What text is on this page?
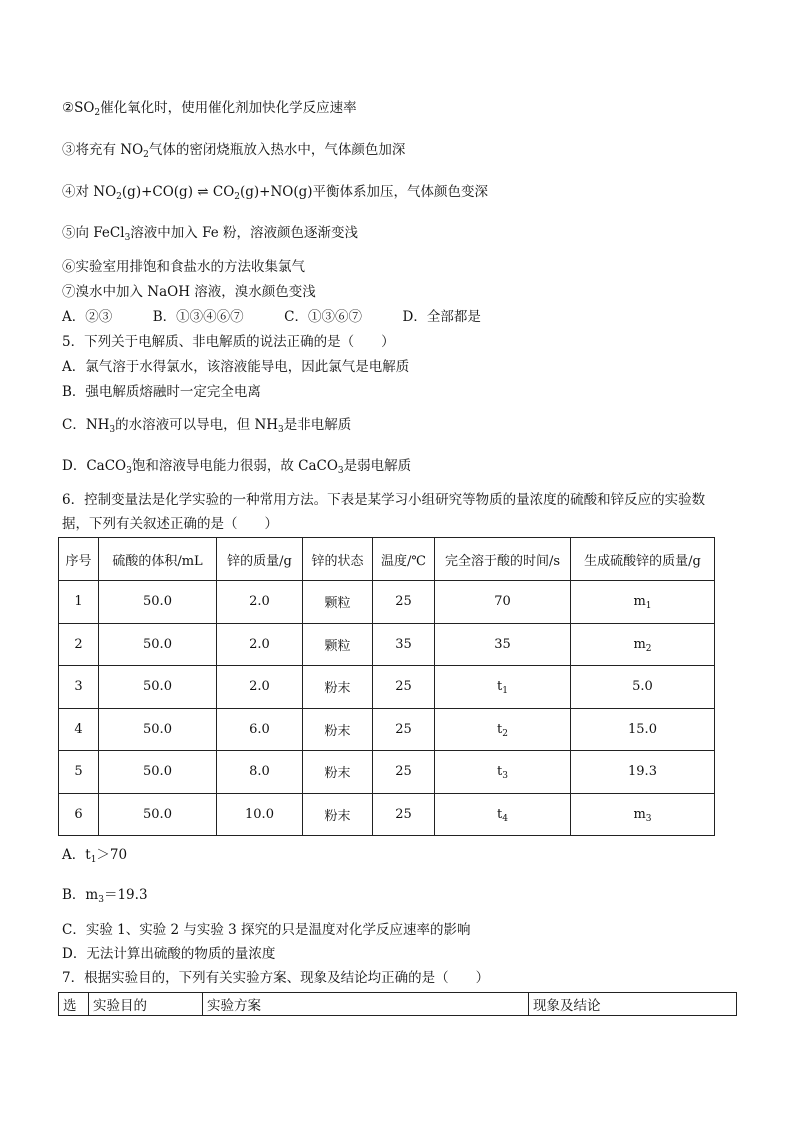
$②SO_2$催化氧化时，使用催化剂加快化学反应速率
③将充有 $NO_2$气体的密闭烧瓶放入热水中，气体颜色加深
④对 $NO_2(g)+CO(g)$ ⇌ $CO_2(g)+NO(g)$平衡体系加压，气体颜色变深
⑤向 FeCl$_3$溶液中加入 Fe 粉，溶液颜色逐渐变浅
⑥实验室用排饱和食盐水的方法收集氯气
⑦溴水中加入 NaOH 溶液，溴水颜色变浅
A．②③　　　B．①③④⑥⑦　　　C．①③⑥⑦　　　D．全部都是
5．下列关于电解质、非电解质的说法正确的是（　　）
A．氯气溶于水得氯水，该溶液能导电，因此氯气是电解质
B．强电解质熔融时一定完全电离
C．$NH_3$的水溶液可以导电，但 $NH_3$是非电解质
D．CaCO$_3$饱和溶液导电能力很弱，故 CaCO$_3$是弱电解质
6．控制变量法是化学实验的一种常用方法。下表是某学习小组研究等物质的量浓度的硫酸和锌反应的实验数
据，下列有关叙述正确的是（　　）
序号	硫酸的体积/mL	锌的质量/g	锌的状态	温度/℃	完全溶于酸的时间/s	生成硫酸锌的质量/g
1	50.0	2.0	颗粒	25	70	$m_1$
2	50.0	2.0	颗粒	35	35	$m_2$
3	50.0	2.0	粉末	25	$t_1$	5.0
4	50.0	6.0	粉末	25	$t_2$	15.0
5	50.0	8.0	粉末	25	$t_3$	19.3
6	50.0	10.0	粉末	25	$t_4$	$m_3$
A．$t_1>70$
B．$m_3=19.3$
C．实验 1、实验 2 与实验 3 探究的只是温度对化学反应速率的影响
D．无法计算出硫酸的物质的量浓度
7．根据实验目的，下列有关实验方案、现象及结论均正确的是（　　）
选	实验目的	实验方案	现象及结论
